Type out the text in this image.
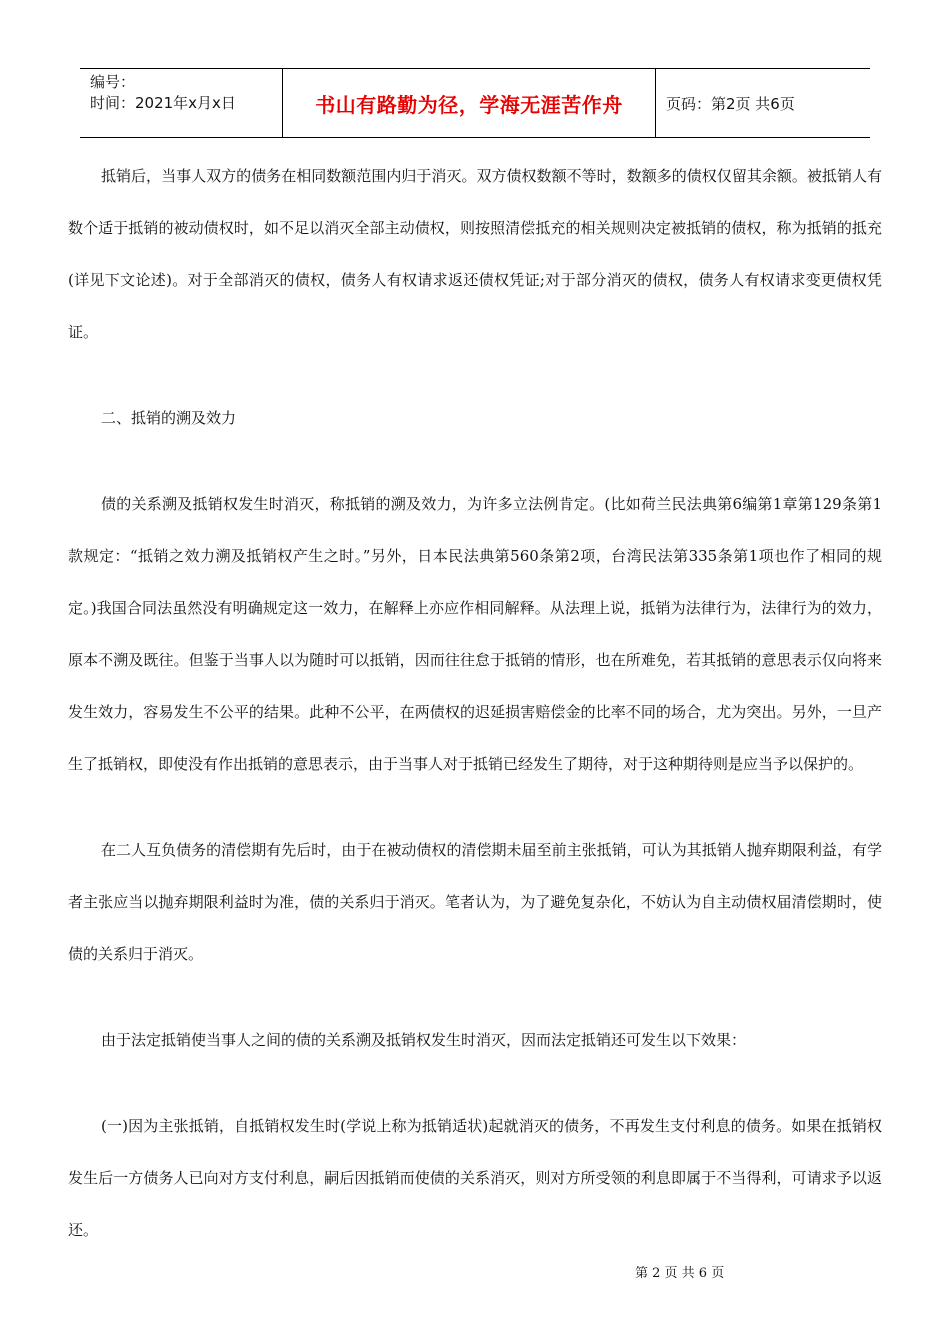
编号：
时间：2021年x月x日	书山有路勤为径，学海无涯苦作舟	页码：第2页 共6页

抵销后，当事人双方的债务在相同数额范围内归于消灭。双方债权数额不等时，数额多的债权仅留其余额。被抵销人有数个适于抵销的被动债权时，如不足以消灭全部主动债权，则按照清偿抵充的相关规则决定被抵销的债权，称为抵销的抵充(详见下文论述)。对于全部消灭的债权，债务人有权请求返还债权凭证;对于部分消灭的债权，债务人有权请求变更债权凭证。

二、抵销的溯及效力

债的关系溯及抵销权发生时消灭，称抵销的溯及效力，为许多立法例肯定。(比如荷兰民法典第6编第1章第129条第1款规定：“抵销之效力溯及抵销权产生之时。”另外，日本民法典第560条第2项，台湾民法第335条第1项也作了相同的规定。)我国合同法虽然没有明确规定这一效力，在解释上亦应作相同解释。从法理上说，抵销为法律行为，法律行为的效力，原本不溯及既往。但鉴于当事人以为随时可以抵销，因而往往怠于抵销的情形，也在所难免，若其抵销的意思表示仅向将来发生效力，容易发生不公平的结果。此种不公平，在两债权的迟延损害赔偿金的比率不同的场合，尤为突出。另外，一旦产生了抵销权，即使没有作出抵销的意思表示，由于当事人对于抵销已经发生了期待，对于这种期待则是应当予以保护的。

在二人互负债务的清偿期有先后时，由于在被动债权的清偿期未届至前主张抵销，可认为其抵销人抛弃期限利益，有学者主张应当以抛弃期限利益时为准，债的关系归于消灭。笔者认为，为了避免复杂化，不妨认为自主动债权届清偿期时，使债的关系归于消灭。

由于法定抵销使当事人之间的债的关系溯及抵销权发生时消灭，因而法定抵销还可发生以下效果：

(一)因为主张抵销，自抵销权发生时(学说上称为抵销适状)起就消灭的债务，不再发生支付利息的债务。如果在抵销权发生后一方债务人已向对方支付利息，嗣后因抵销而使债的关系消灭，则对方所受领的利息即属于不当得利，可请求予以返还。

第 2 页 共 6 页
